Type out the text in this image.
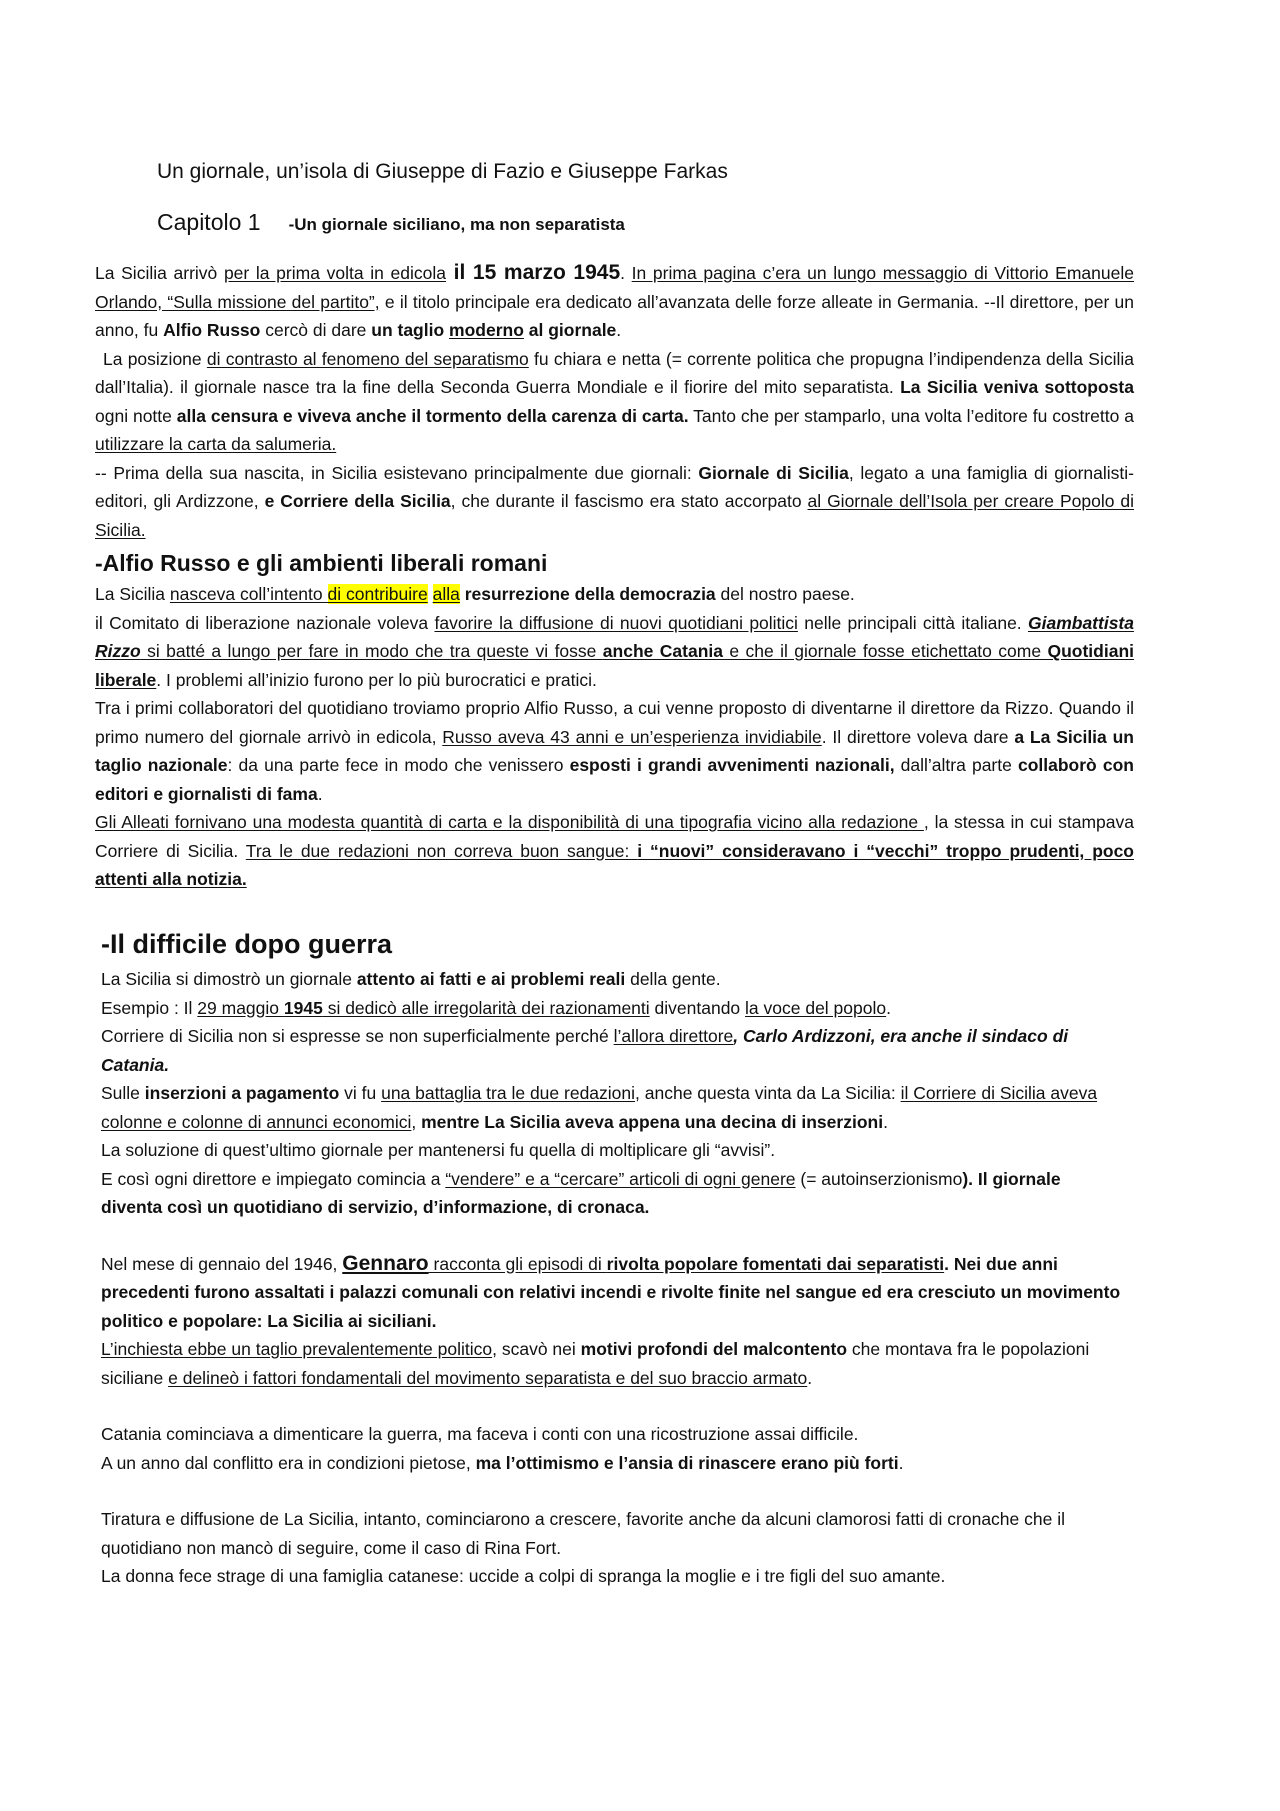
Un giornale, un’isola di Giuseppe di Fazio e Giuseppe Farkas
Capitolo 1 -Un giornale siciliano, ma non separatista

La Sicilia arrivò per la prima volta in edicola il 15 marzo 1945. In prima pagina c’era un lungo messaggio di Vittorio Emanuele Orlando, “Sulla missione del partito”, e il titolo principale era dedicato all’avanzata delle forze alleate in Germania. --Il direttore, per un anno, fu Alfio Russo cercò di dare un taglio moderno al giornale.

La posizione di contrasto al fenomeno del separatismo fu chiara e netta (= corrente politica che propugna l’indipendenza della Sicilia dall’Italia). il giornale nasce tra la fine della Seconda Guerra Mondiale e il fiorire del mito separatista. La Sicilia veniva sottoposta ogni notte alla censura e viveva anche il tormento della carenza di carta. Tanto che per stamparlo, una volta l’editore fu costretto a utilizzare la carta da salumeria.

-- Prima della sua nascita, in Sicilia esistevano principalmente due giornali: Giornale di Sicilia, legato a una famiglia di giornalisti-editori, gli Ardizzone, e Corriere della Sicilia, che durante il fascismo era stato accorpato al Giornale dell’Isola per creare Popolo di Sicilia.

-Alfio Russo e gli ambienti liberali romani

La Sicilia nasceva coll’intento di contribuire alla resurrezione della democrazia del nostro paese.

il Comitato di liberazione nazionale voleva favorire la diffusione di nuovi quotidiani politici nelle principali città italiane. Giambattista Rizzo si batté a lungo per fare in modo che tra queste vi fosse anche Catania e che il giornale fosse etichettato come Quotidiani liberale. I problemi all’inizio furono per lo più burocratici e pratici.

Tra i primi collaboratori del quotidiano troviamo proprio Alfio Russo, a cui venne proposto di diventarne il direttore da Rizzo. Quando il primo numero del giornale arrivò in edicola, Russo aveva 43 anni e un’esperienza invidiabile. Il direttore voleva dare a La Sicilia un taglio nazionale: da una parte fece in modo che venissero esposti i grandi avvenimenti nazionali, dall’altra parte collaborò con editori e giornalisti di fama.

Gli Alleati fornivano una modesta quantità di carta e la disponibilità di una tipografia vicino alla redazione , la stessa in cui stampava Corriere di Sicilia. Tra le due redazioni non correva buon sangue: i “nuovi” consideravano i “vecchi” troppo prudenti, poco attenti alla notizia.

-Il difficile dopo guerra

La Sicilia si dimostrò un giornale attento ai fatti e ai problemi reali della gente.

Esempio : Il 29 maggio 1945 si dedicò alle irregolarità dei razionamenti diventando la voce del popolo.

Corriere di Sicilia non si espresse se non superficialmente perché l’allora direttore, Carlo Ardizzoni, era anche il sindaco di Catania.

Sulle inserzioni a pagamento vi fu una battaglia tra le due redazioni, anche questa vinta da La Sicilia: il Corriere di Sicilia aveva colonne e colonne di annunci economici, mentre La Sicilia aveva appena una decina di inserzioni.

La soluzione di quest’ultimo giornale per mantenersi fu quella di moltiplicare gli “avvisi”.

E così ogni direttore e impiegato comincia a “vendere” e a “cercare” articoli di ogni genere (= autoinserzionismo). Il giornale diventa così un quotidiano di servizio, d’informazione, di cronaca.

Nel mese di gennaio del 1946, Gennaro racconta gli episodi di rivolta popolare fomentati dai separatisti. Nei due anni precedenti furono assaltati i palazzi comunali con relativi incendi e rivolte finite nel sangue ed era cresciuto un movimento politico e popolare: La Sicilia ai siciliani.

L’inchiesta ebbe un taglio prevalentemente politico, scavò nei motivi profondi del malcontento che montava fra le popolazioni siciliane e delineò i fattori fondamentali del movimento separatista e del suo braccio armato.

Catania cominciava a dimenticare la guerra, ma faceva i conti con una ricostruzione assai difficile.

A un anno dal conflitto era in condizioni pietose, ma l’ottimismo e l’ansia di rinascere erano più forti.

Tiratura e diffusione de La Sicilia, intanto, cominciarono a crescere, favorite anche da alcuni clamorosi fatti di cronache che il quotidiano non mancò di seguire, come il caso di Rina Fort.

La donna fece strage di una famiglia catanese: uccide a colpi di spranga la moglie e i tre figli del suo amante.
